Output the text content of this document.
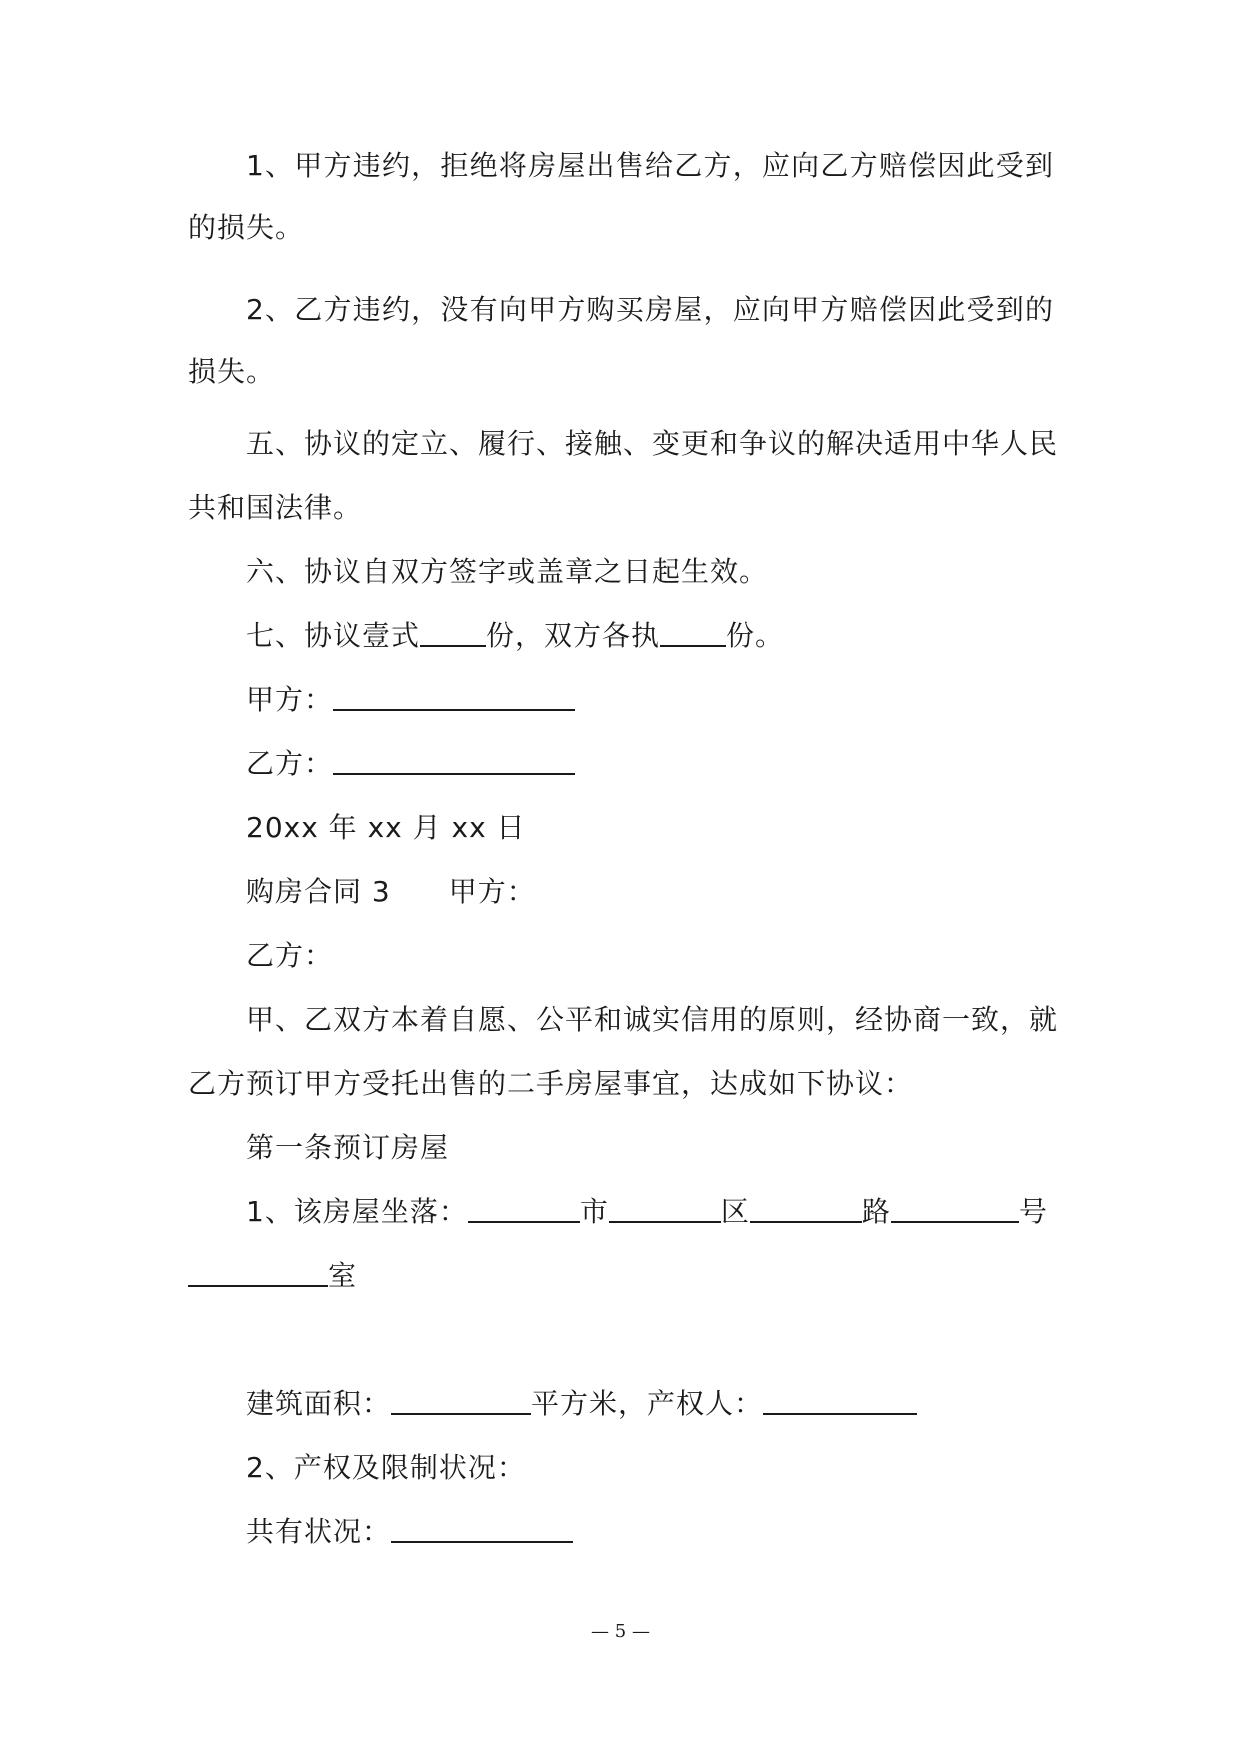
1、甲方违约，拒绝将房屋出售给乙方，应向乙方赔偿因此受到
的损失。
2、乙方违约，没有向甲方购买房屋，应向甲方赔偿因此受到的
损失。
五、协议的定立、履行、接触、变更和争议的解决适用中华人民
共和国法律。
六、协议自双方签字或盖章之日起生效。
七、协议壹式 份，双方各执 份。
甲方：
乙方：
20xx 年 xx 月 xx 日
购房合同 3 甲方：
乙方：
甲、乙双方本着自愿、公平和诚实信用的原则，经协商一致，就
乙方预订甲方受托出售的二手房屋事宜，达成如下协议：
第一条预订房屋
1、该房屋坐落：	市	区	路	号
室
建筑面积：	平方米，产权人：
2、产权及限制状况：
共有状况：
— 5 —
